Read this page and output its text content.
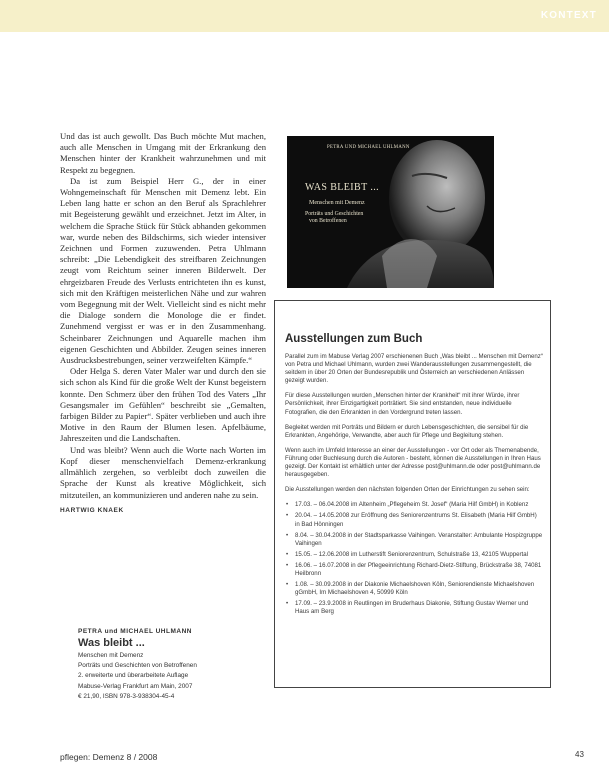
KONTEXT

Und das ist auch gewollt. Das Buch möchte Mut machen, auch alle Menschen in Umgang mit der Erkrankung den Menschen hinter der Krankheit wahrzunehmen und mit Respekt zu begegnen.

Da ist zum Beispiel Herr G., der in einer Wohngemeinschaft für Menschen mit Demenz lebt. Ein Leben lang hatte er schon an den Beruf als Sprachlehrer mit Begeisterung gewählt und erzeichnet. Jetzt im Alter, in welchem die Sprache Stück für Stück abhanden gekommen war, wurde neben des Bildschirms, sich wieder intensiver Zeichnen und Formen zuzuwenden. Petra Uhlmann schreibt: „Die Lebendigkeit des streifbaren Zeichnungen zeugt vom Reichtum seiner inneren Bilderwelt. Der ehrgeizbaren Freude des Verlusts entrichteten ihn es kunst, sich mit den Kräftigen meisterlichen Nähe und zur wahren vom Begegnung mit der Welt. Vielleicht sind es nicht mehr die Dialoge sondern die Monologe die er findet. Zunehmend vergisst er was er in den Zusammenhang. Scheinbarer Zeichnungen und Aquarelle machen ihm eigenen Geschichten und Abbilder. Zeugen seines inneren Ausdrucksbestrebungen, seiner verzweifelten Kämpfe.“

Oder Helga S. deren Vater Maler war und durch den sie sich schon als Kind für die große Welt der Kunst begeistern konnte. Den Schmerz über den frühen Tod des Vaters „Ihr Gesangsmaler im Gefühlen“ beschreibt sie „Gemalten, farbigen Bilder zu Papier“. Später verblieben und auch ihre Motive in den Raum der Blumen lesen. Apfelbäume, Jahreszeiten und die Landschaften.

Und was bleibt? Wenn auch die Worte nach Worten im Kopf dieser menschenvielfach Demenz-erkrankung allmählich zergehen, so verbleibt doch zuweilen die Sprache der Kunst als kreative Möglichkeit, sich mitzuteilen, an kommunizieren und anderen nahe zu sein.

HARTWIG KNAEK
PETRA und MICHAEL UHLMANN
Was bleibt ...
Menschen mit Demenz
Porträts und Geschichten von Betroffenen
2. erweiterte und überarbeitete Auflage
Mabuse-Verlag Frankfurt am Main, 2007
€ 21,90, ISBN 978-3-938304-45-4
PETRA UND MICHAEL UHLMANN
WAS BLEIBT ...
Menschen mit Demenz
Porträts und Geschichten
von Betroffenen
Ausstellungen zum Buch

Parallel zum im Mabuse Verlag 2007 erschienenen Buch „Was bleibt ... Menschen mit Demenz“ von Petra und Michael Uhlmann, wurden zwei Wanderausstellungen zusammengestellt, die seitdem in über 20 Orten der Bundesrepublik und Österreich an verschiedenen Anlässen gezeigt wurden.

Für diese Ausstellungen wurden „Menschen hinter der Krankheit“ mit ihrer Würde, ihrer Persönlichkeit, ihrer Einzigartigkeit porträtiert. Sie sind entstanden, neue individuelle Fotografien, die den Erkrankten in den Vordergrund treten lassen.

Begleitet werden mit Porträts und Bildern er durch Lebensgeschichten, die sensibel für die Erkrankten, Angehörige, Verwandte, aber auch für Pflege und Begleitung stehen.

Wenn auch im Umfeld Interesse an einer der Ausstellungen - vor Ort oder als Themenabende, Führung oder Buchlesung durch die Autoren - besteht, können die Ausstellungen in Ihren Haus gezeigt. Der Kontakt ist erhältlich unter der Adresse post@uhlmann.de oder post@uhlmann.de herausgegeben.

Die Ausstellungen werden den nächsten folgenden Orten der Einrichtungen zu sehen sein:

• 17.03. – 06.04.2008 im Altenheim „Pflegeheim St. Josef“ (Maria Hilf GmbH) in Koblenz
• 20.04. – 14.05.2008 zur Eröffnung des Seniorenzentrums St. Elisabeth (Maria Hilf GmbH) in Bad Hönningen
• 8.04. – 30.04.2008 in der Stadtsparkasse Vaihingen. Veranstalter: Ambulante Hospizgruppe Vaihingen
• 15.05. – 12.06.2008 im Lutherstift Seniorenzentrum, Schulstraße 13, 42105 Wuppertal
• 16.06. – 16.07.2008 in der Pflegeeinrichtung Richard-Dietz-Stiftung, Brückstraße 38, 74081 Heilbronn
• 1.08. – 30.09.2008 in der Diakonie Michaelshoven Köln, Seniorendienste Michaelshoven gGmbH, Im Michaelshoven 4, 50999 Köln
• 17.09. – 23.9.2008 in Reutlingen im Bruderhaus Diakonie, Stiftung Gustav Werner und Haus am Berg
pflegen: Demenz 8 / 2008	43
